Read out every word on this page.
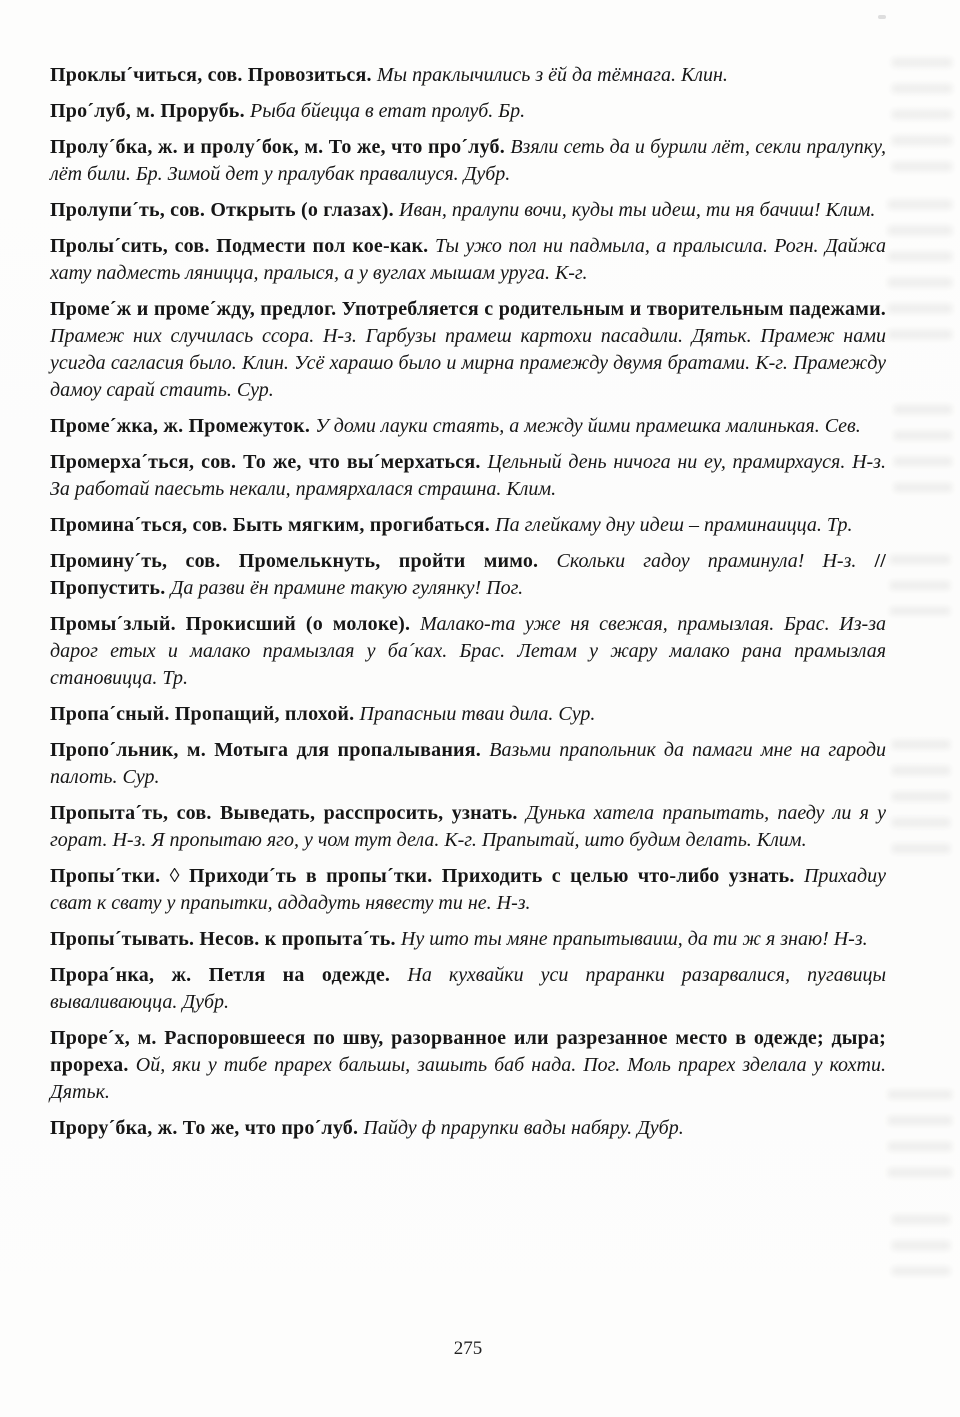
Проклы´читься, сов. Провозиться. Мы праклычились з ёй да тёмнага. Клин.

Про´луб, м. Прорубь. Рыба бйецца в етат пролуб. Бр.

Пролу´бка, ж. и пролу´бок, м. То же, что про´луб. Взяли сеть да и бурили лёт, секли пралупку, лёт били. Бр. Зимой дет у пралубак правалиуся. Дубр.

Пролупи´ть, сов. Открыть (о глазах). Иван, пралупи вочи, куды ты идеш, ти ня бачиш! Клим.

Пролы´сить, сов. Подмести пол кое-как. Ты ужо пол ни падмыла, а пралысила. Рогн. Дайжа хату падместь ляницца, пралыся, а у вуглах мышам уруга. К-г.

Проме´ж и проме´жду, предлог. Употребляется с родительным и творительным падежами. Прамеж них случилась ссора. Н-з. Гарбузы прамеш картохи пасадили. Дятьк. Прамеж нами усигда сагласия было. Клин. Усё харашо было и мирна прамежду двумя братами. К-г. Прамежду дамоу сарай стаить. Сур.

Проме´жка, ж. Промежуток. У доми лауки стаять, а между йими прамешка малинькая. Сев.

Промерха´ться, сов. То же, что вы´мерхаться. Цельный день ничога ни еу, прамирхауся. Н-з. За работай паесьть некали, прамярхалася страшна. Клим.

Промина´ться, сов. Быть мягким, прогибаться. Па глейкаму дну идеш – праминаицца. Тр.

Промину´ть, сов. Промелькнуть, пройти мимо. Скольки гадоу праминула! Н-з. // Пропустить. Да разви ён прамине такую гулянку! Пог.

Промы´злый. Прокисший (о молоке). Малако-та уже ня свежая, прамызлая. Брас. Из-за дарог етых и малако прамызлая у ба´ках. Брас. Летам у жару малако рана прамызлая становицца. Тр.

Пропа´сный. Пропащий, плохой. Прапасныи тваи дила. Сур.

Пропо´льник, м. Мотыга для пропалывания. Вазьми прапольник да памаги мне на гароди палоть. Сур.

Пропыта´ть, сов. Выведать, расспросить, узнать. Дунька хатела прапытать, паеду ли я у горат. Н-з. Я пропытаю яго, у чом тут дела. К-г. Прапытай, што будим делать. Клим.

Пропы´тки. ◊ Приходи´ть в пропы´тки. Приходить с целью что-либо узнать. Прихадиу сват к свату у прапытки, аддадуть нявесту ти не. Н-з.

Пропы´тывать. Несов. к пропыта´ть. Ну што ты мяне прапытываиш, да ти ж я знаю! Н-з.

Прора´нка, ж. Петля на одежде. На кухвайки уси праранки разарвалися, пугавицы вываливаюцца. Дубр.

Проре´х, м. Распоровшееся по шву, разорванное или разрезанное место в одежде; дыра; прореха. Ой, яки у тибе прарех бальшы, зашыть баб нада. Пог. Моль прарех зделала у кохти. Дятьк.

Прору´бка, ж. То же, что про´луб. Пайду ф прарупки вады набяру. Дубр.

275
